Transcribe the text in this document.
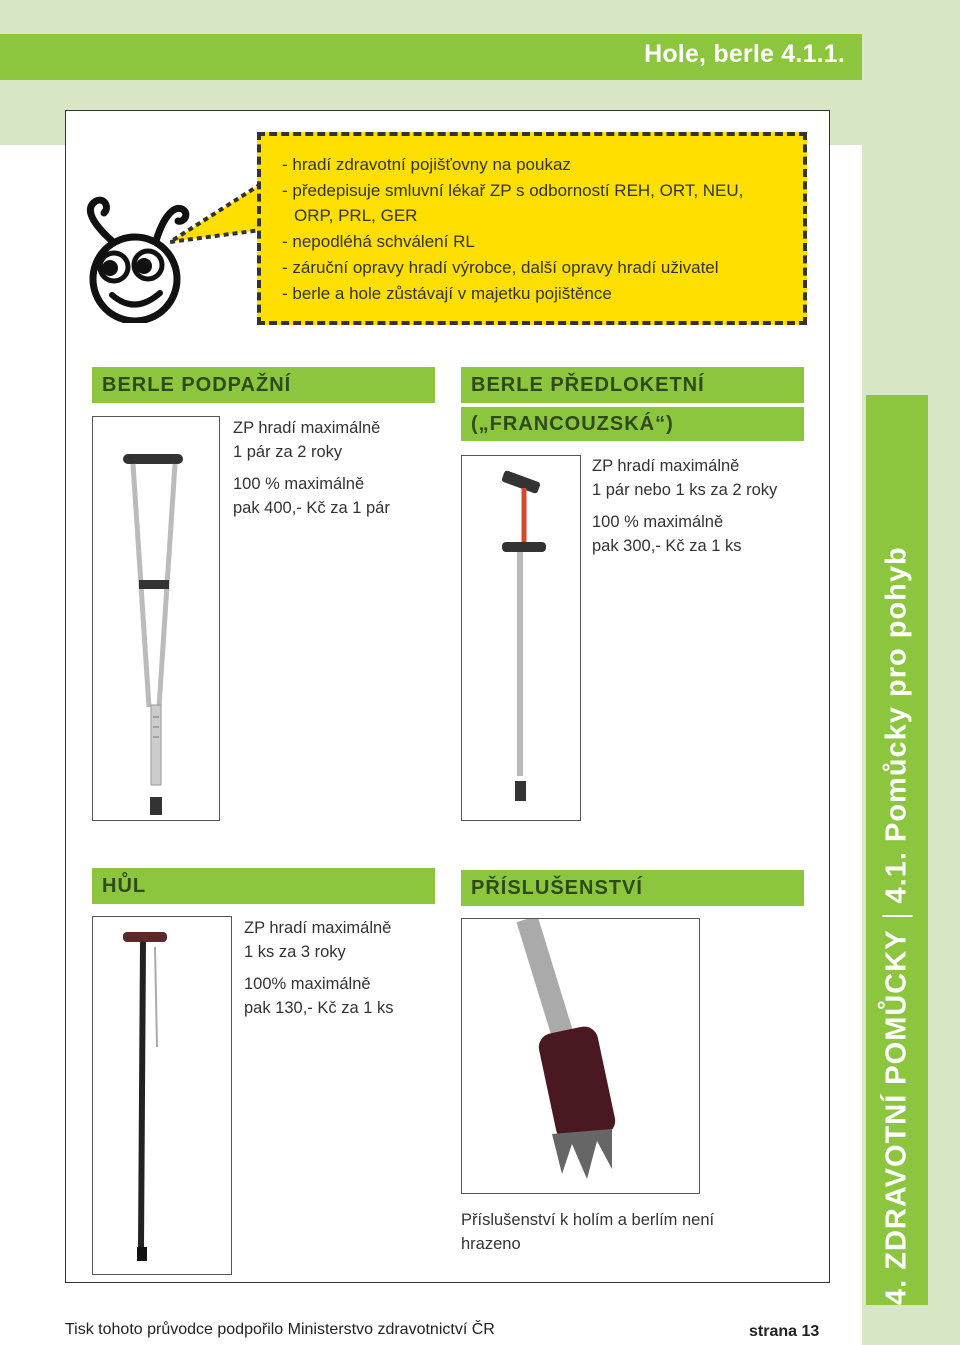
Hole, berle 4.1.1.
4. ZDRAVOTNÍ POMŮCKY4.1. Pomůcky pro pohyb
- hradí zdravotní pojišťovny na poukaz
- předepisuje smluvní lékař ZP s odborností REH, ORT, NEU,
ORP, PRL, GER
- nepodléhá schválení RL
- záruční opravy hradí výrobce, další opravy hradí uživatel
- berle a hole zůstávají v majetku pojištěnce
BERLE PODPAŽNÍ

ZP hradí maximálně
1 pár za 2 roky

100 % maximálně
pak 400,- Kč za 1 pár

BERLE PŘEDLOKETNÍ
(„FRANCOUZSKÁ“)

ZP hradí maximálně
1 pár nebo 1 ks za 2 roky

100 % maximálně
pak 300,- Kč za 1 ks

HŮL

ZP hradí maximálně
1 ks za 3 roky

100% maximálně
pak 130,- Kč za 1 ks

PŘÍSLUŠENSTVÍ

Příslušenství k holím a berlím není
hrazeno

Tisk tohoto průvodce podpořilo Ministerstvo zdravotnictví ČR	strana 13
